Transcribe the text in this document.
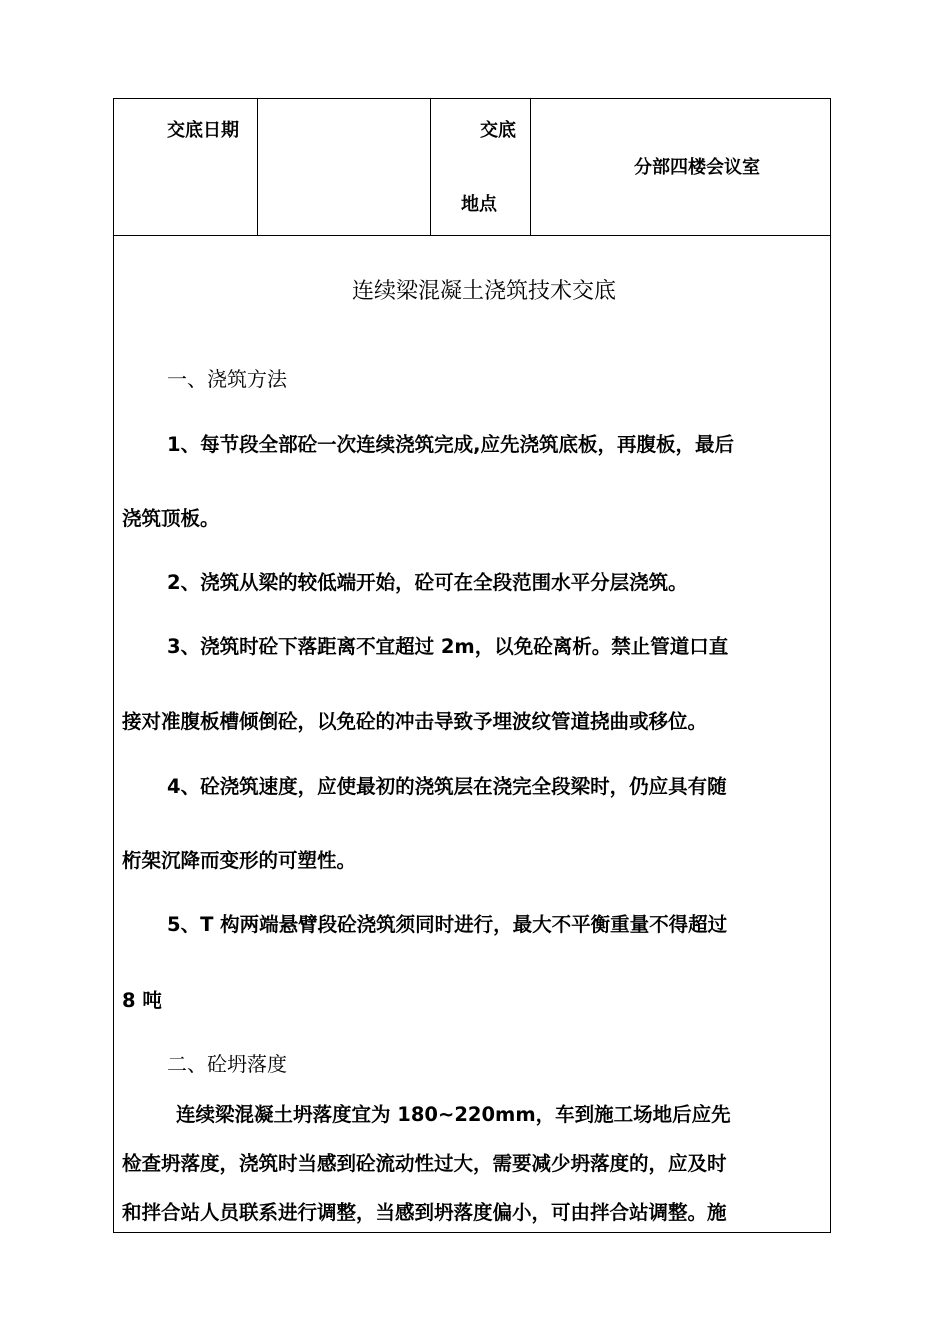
交底日期	交底
地点
分部四楼会议室
连续梁混凝土浇筑技术交底
一、浇筑方法
1、每节段全部砼一次连续浇筑完成,应先浇筑底板，再腹板，最后
浇筑顶板。
2、浇筑从梁的较低端开始，砼可在全段范围水平分层浇筑。
3、浇筑时砼下落距离不宜超过 2m，以免砼离析。禁止管道口直
接对准腹板槽倾倒砼，以免砼的冲击导致予埋波纹管道挠曲或移位。
4、砼浇筑速度，应使最初的浇筑层在浇完全段梁时，仍应具有随
桁架沉降而变形的可塑性。
5、T 构两端悬臂段砼浇筑须同时进行，最大不平衡重量不得超过
8 吨
二、砼坍落度
连续梁混凝土坍落度宜为 180~220mm，车到施工场地后应先
检查坍落度，浇筑时当感到砼流动性过大，需要减少坍落度的，应及时
和拌合站人员联系进行调整，当感到坍落度偏小，可由拌合站调整。施
